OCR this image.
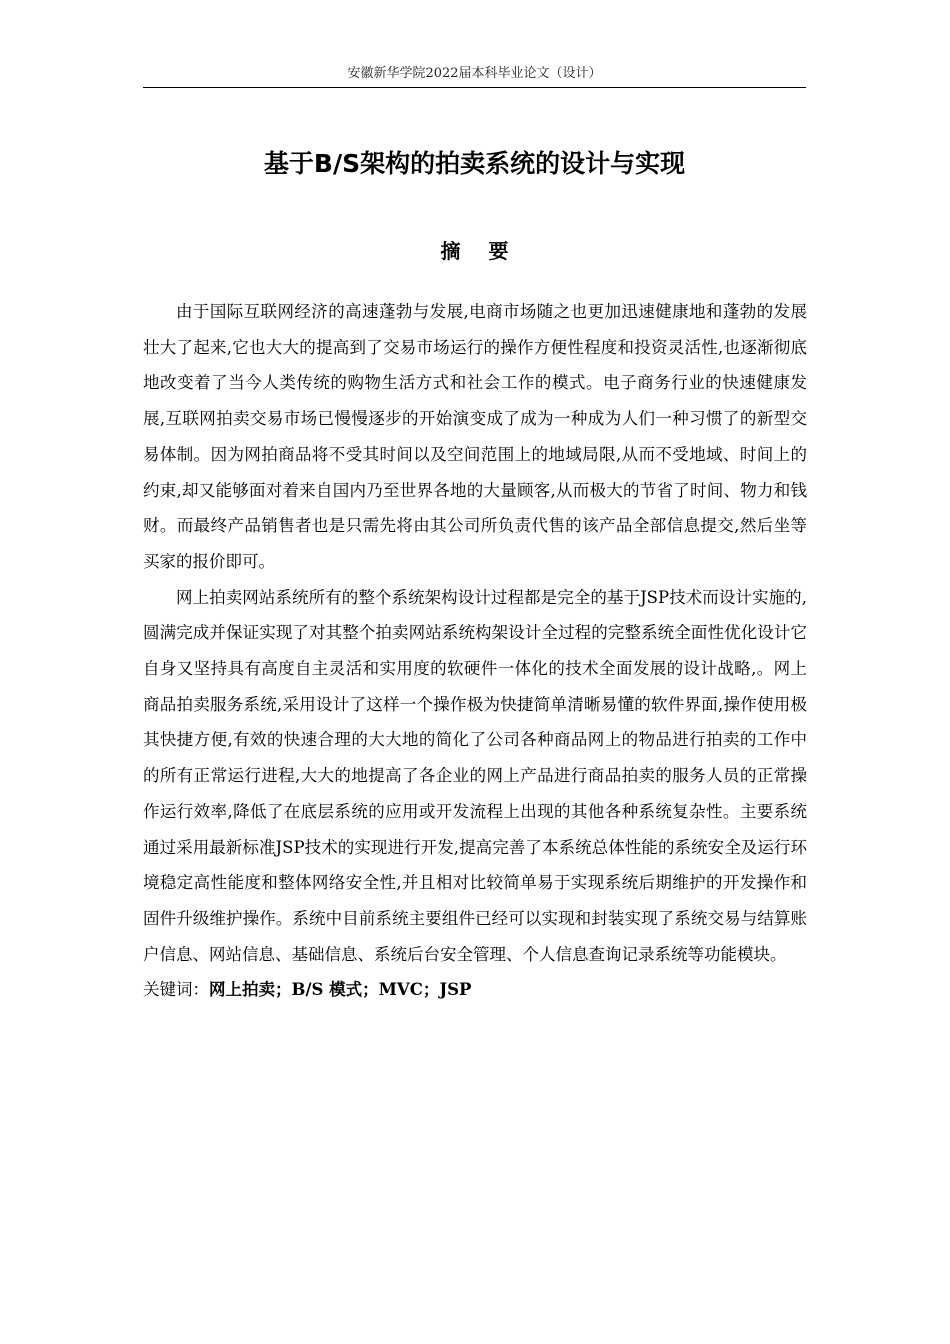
安徽新华学院2022届本科毕业论文（设计）
基于B/S架构的拍卖系统的设计与实现
摘要

由于国际互联网经济的高速蓬勃与发展,电商市场随之也更加迅速健康地和蓬勃的发展壮大了起来,它也大大的提高到了交易市场运行的操作方便性程度和投资灵活性,也逐渐彻底地改变着了当今人类传统的购物生活方式和社会工作的模式。电子商务行业的快速健康发展,互联网拍卖交易市场已慢慢逐步的开始演变成了成为一种成为人们一种习惯了的新型交易体制。因为网拍商品将不受其时间以及空间范围上的地域局限,从而不受地域、时间上的约束,却又能够面对着来自国内乃至世界各地的大量顾客,从而极大的节省了时间、物力和钱财。而最终产品销售者也是只需先将由其公司所负责代售的该产品全部信息提交,然后坐等买家的报价即可。

网上拍卖网站系统所有的整个系统架构设计过程都是完全的基于JSP技术而设计实施的,圆满完成并保证实现了对其整个拍卖网站系统构架设计全过程的完整系统全面性优化设计它自身又坚持具有高度自主灵活和实用度的软硬件一体化的技术全面发展的设计战略,。网上商品拍卖服务系统,采用设计了这样一个操作极为快捷简单清晰易懂的软件界面,操作使用极其快捷方便,有效的快速合理的大大地的简化了公司各种商品网上的物品进行拍卖的工作中的所有正常运行进程,大大的地提高了各企业的网上产品进行商品拍卖的服务人员的正常操作运行效率,降低了在底层系统的应用或开发流程上出现的其他各种系统复杂性。主要系统通过采用最新标准JSP技术的实现进行开发,提高完善了本系统总体性能的系统安全及运行环境稳定高性能度和整体网络安全性,并且相对比较简单易于实现系统后期维护的开发操作和固件升级维护操作。系统中目前系统主要组件已经可以实现和封装实现了系统交易与结算账户信息、网站信息、基础信息、系统后台安全管理、个人信息查询记录系统等功能模块。

关键词：网上拍卖；B/S 模式；MVC；JSP
